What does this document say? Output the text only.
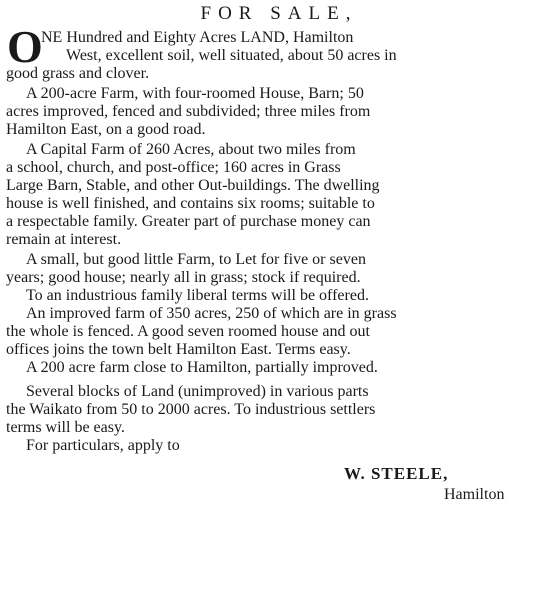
FOR SALE,
O
NE Hundred and Eighty Acres LAND, Hamilton
West, excellent soil, well situated, about 50 acres in
good grass and clover.
A 200-acre Farm, with four-roomed House, Barn; 50
acres improved, fenced and subdivided; three miles from
Hamilton East, on a good road.
A Capital Farm of 260 Acres, about two miles from
a school, church, and post-office; 160 acres in Grass
Large Barn, Stable, and other Out-buildings. The dwelling
house is well finished, and contains six rooms; suitable to
a respectable family. Greater part of purchase money can
remain at interest.
A small, but good little Farm, to Let for five or seven
years; good house; nearly all in grass; stock if required.
To an industrious family liberal terms will be offered.
An improved farm of 350 acres, 250 of which are in grass
the whole is fenced. A good seven roomed house and out
offices joins the town belt Hamilton East. Terms easy.
A 200 acre farm close to Hamilton, partially improved.
Several blocks of Land (unimproved) in various parts
the Waikato from 50 to 2000 acres. To industrious settlers
terms will be easy.
For particulars, apply to
W. STEELE,
Hamilton
